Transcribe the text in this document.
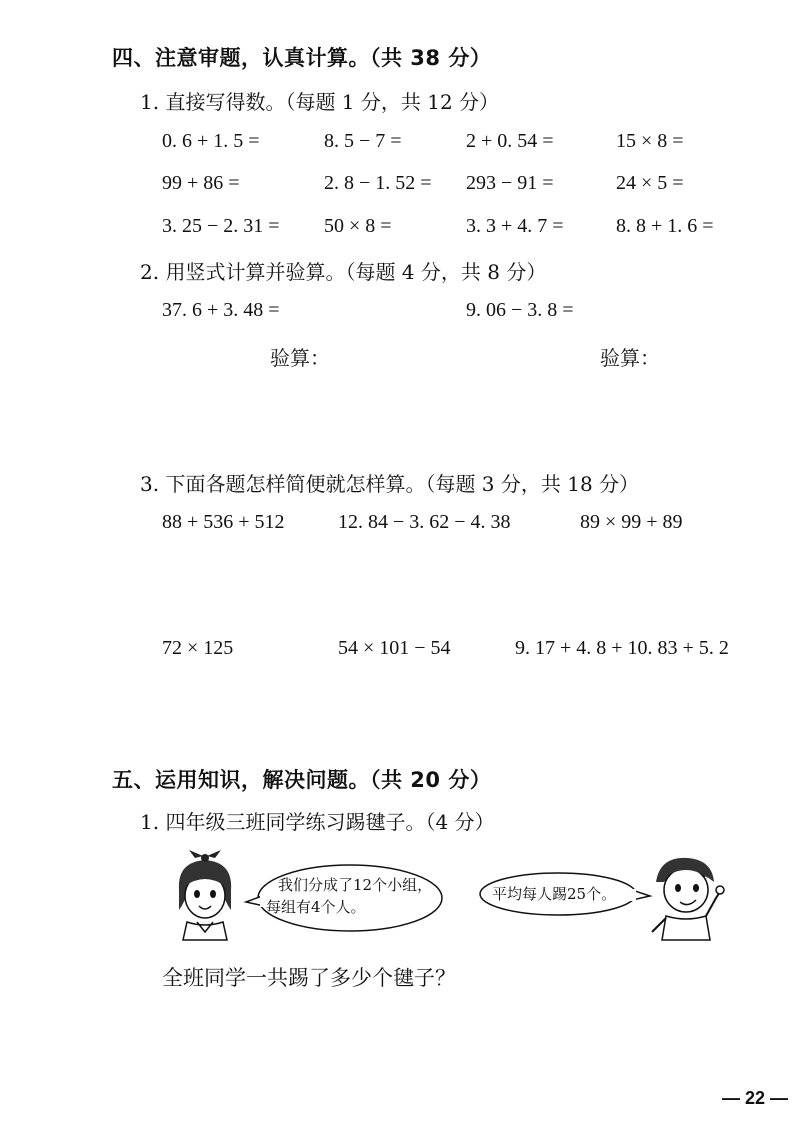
四、注意审题，认真计算。（共 38 分）
1. 直接写得数。（每题 1 分，共 12 分）
0. 6 + 1. 5 =	8. 5 − 7 =	2 + 0. 54 =	15 × 8 =
99 + 86 =	2. 8 − 1. 52 = 293 − 91 =	24 × 5 =
3. 25 − 2. 31 = 50 × 8 =	3. 3 + 4. 7 =	8. 8 + 1. 6 =
2. 用竖式计算并验算。（每题 4 分，共 8 分）
37. 6 + 3. 48 =	9. 06 − 3. 8 =
验算：	验算：
3. 下面各题怎样简便就怎样算。（每题 3 分，共 18 分）
88 + 536 + 512	12. 84 − 3. 62 − 4. 38	89 × 99 + 89
72 × 125	54 × 101 − 54	9. 17 + 4. 8 + 10. 83 + 5. 2
五、运用知识，解决问题。（共 20 分）
1. 四年级三班同学练习踢毽子。（4 分）
我们分成了12个小组，
每组有4个人。
平均每人踢25个。
全班同学一共踢了多少个毽子？
— 22 —
